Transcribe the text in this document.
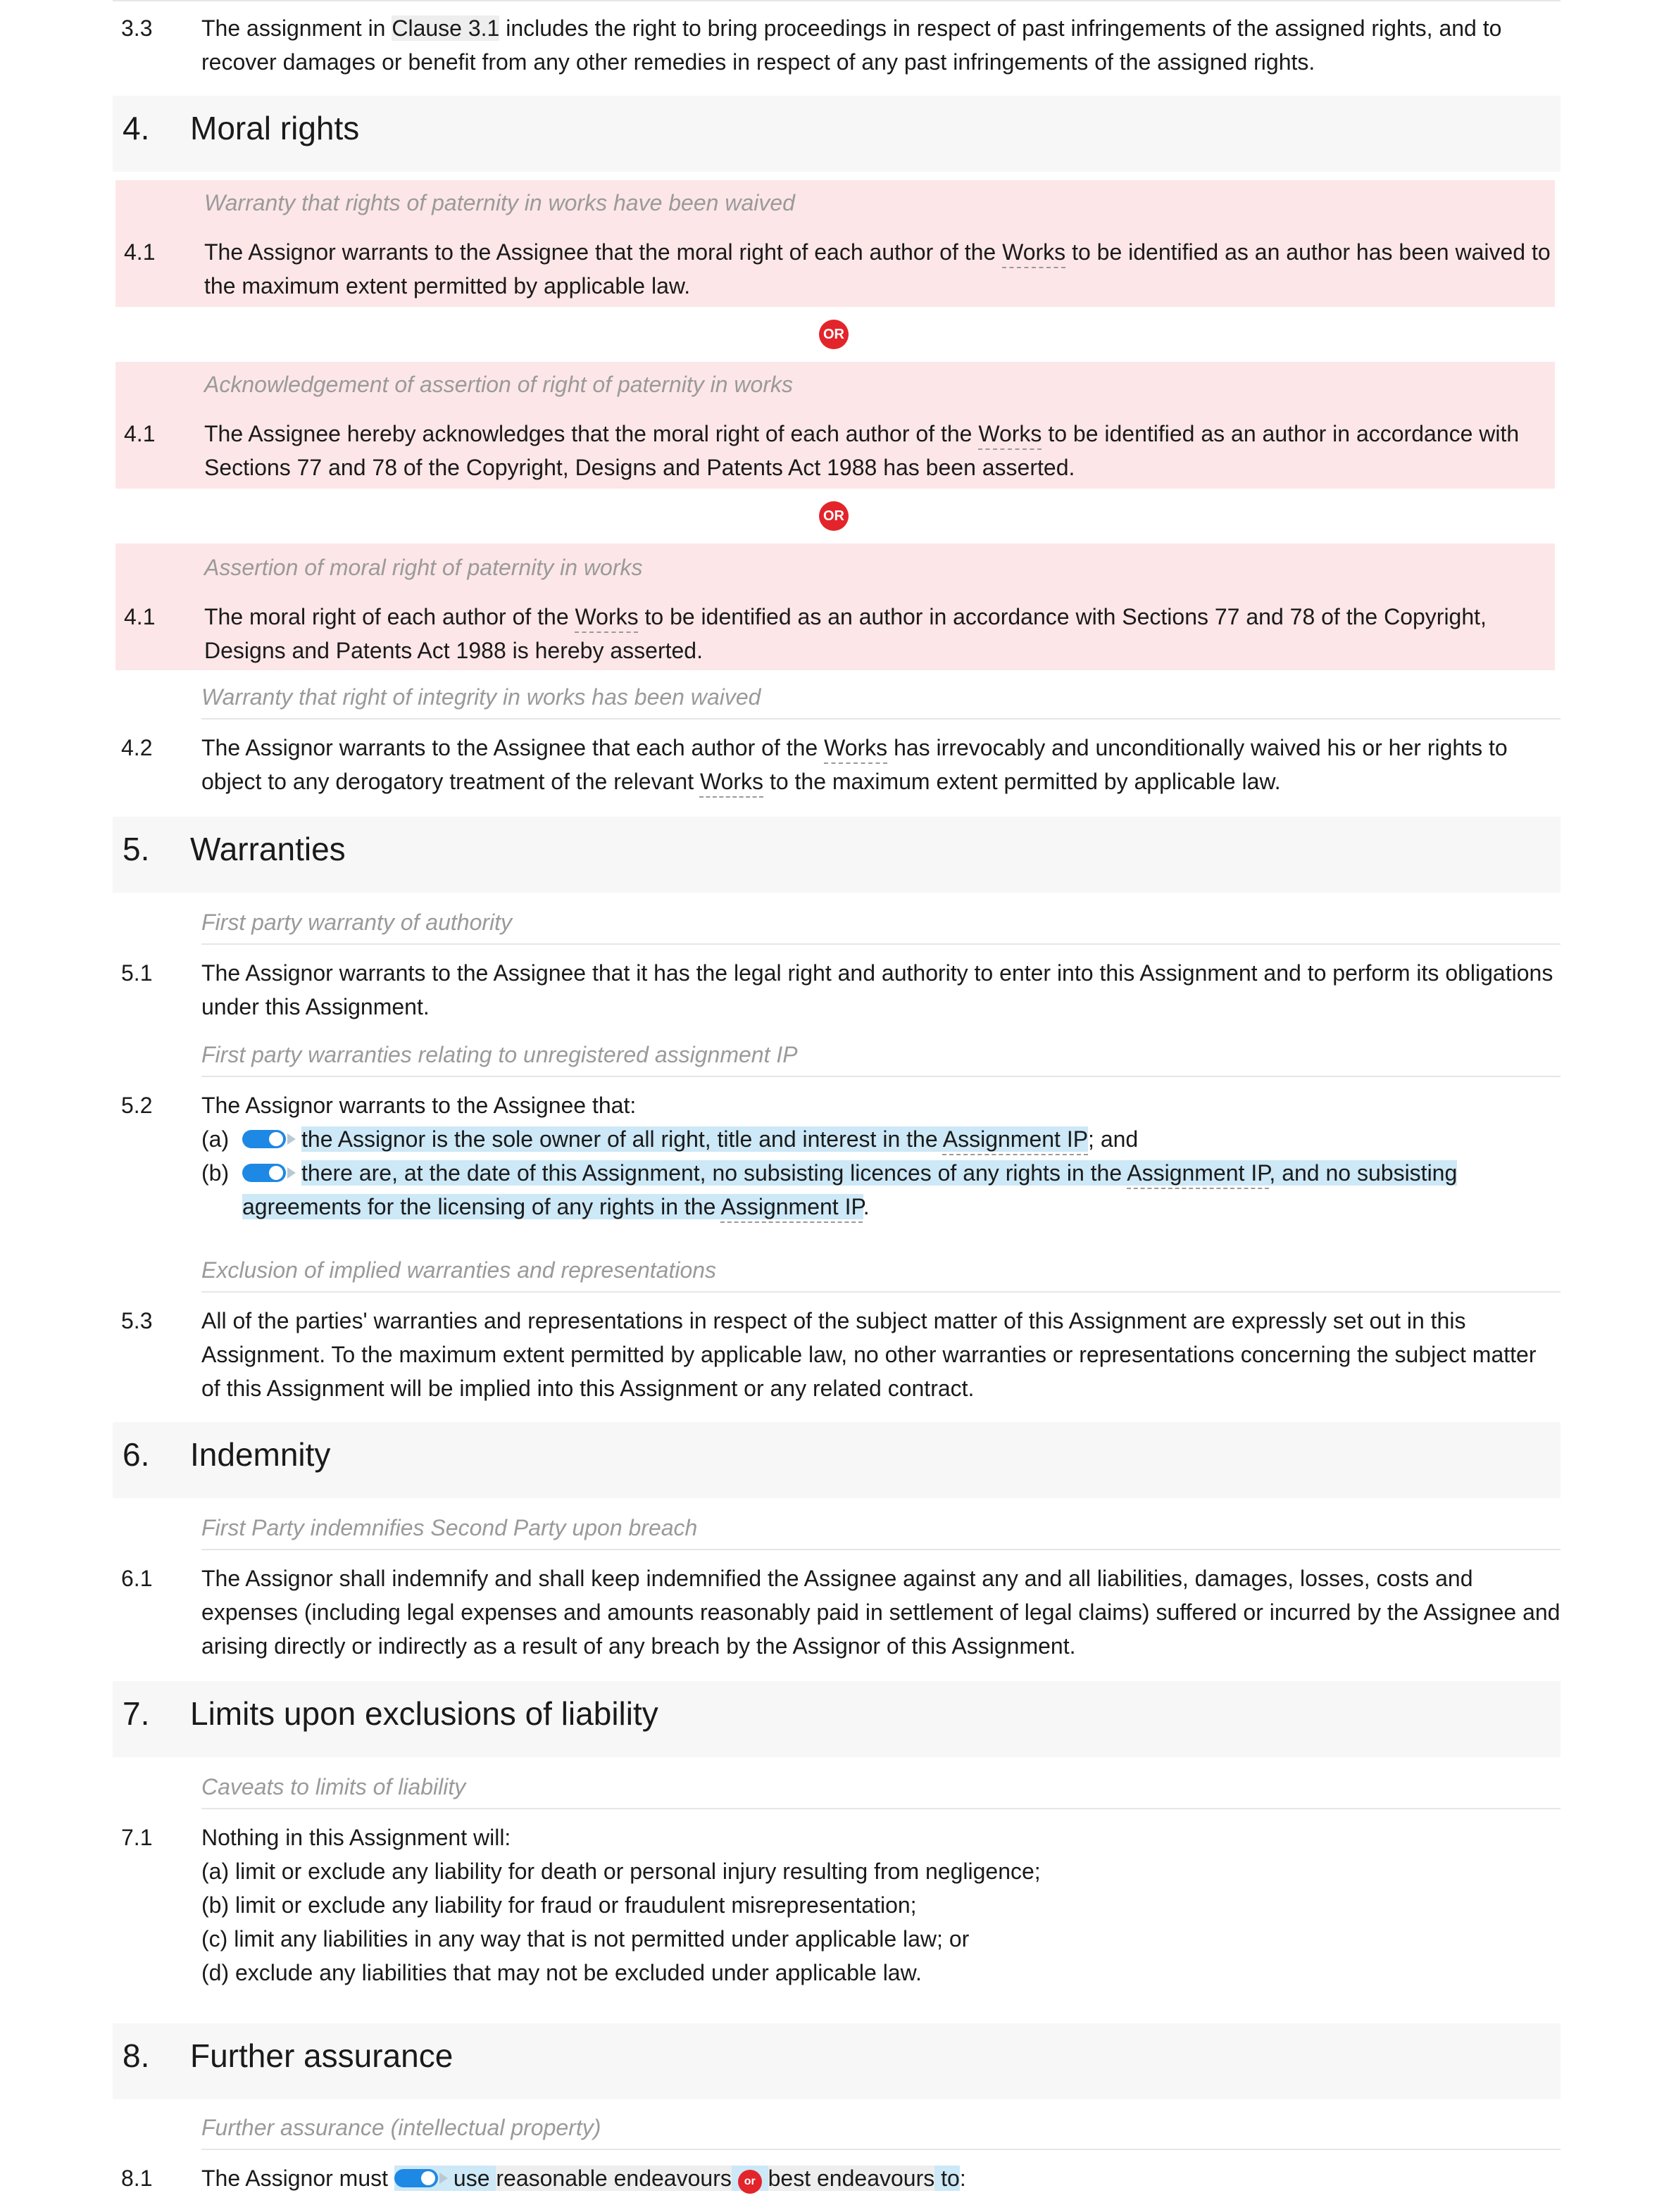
3.3 The assignment in Clause 3.1 includes the right to bring proceedings in respect of past infringements of the assigned rights, and to recover damages or benefit from any other remedies in respect of any past infringements of the assigned rights.
4. Moral rights
Warranty that rights of paternity in works have been waived
4.1 The Assignor warrants to the Assignee that the moral right of each author of the Works to be identified as an author has been waived to the maximum extent permitted by applicable law.
OR
Acknowledgement of assertion of right of paternity in works
4.1 The Assignee hereby acknowledges that the moral right of each author of the Works to be identified as an author in accordance with Sections 77 and 78 of the Copyright, Designs and Patents Act 1988 has been asserted.
OR
Assertion of moral right of paternity in works
4.1 The moral right of each author of the Works to be identified as an author in accordance with Sections 77 and 78 of the Copyright, Designs and Patents Act 1988 is hereby asserted.
Warranty that right of integrity in works has been waived
4.2 The Assignor warrants to the Assignee that each author of the Works has irrevocably and unconditionally waived his or her rights to object to any derogatory treatment of the relevant Works to the maximum extent permitted by applicable law.
5. Warranties
First party warranty of authority
5.1 The Assignor warrants to the Assignee that it has the legal right and authority to enter into this Assignment and to perform its obligations under this Assignment.
First party warranties relating to unregistered assignment IP
5.2 The Assignor warrants to the Assignee that:
(a)	the Assignor is the sole owner of all right, title and interest in the Assignment IP; and
(b)	there are, at the date of this Assignment, no subsisting licences of any rights in the Assignment IP, and no subsisting agreements for the licensing of any rights in the Assignment IP.
Exclusion of implied warranties and representations
5.3 All of the parties' warranties and representations in respect of the subject matter of this Assignment are expressly set out in this Assignment. To the maximum extent permitted by applicable law, no other warranties or representations concerning the subject matter of this Assignment will be implied into this Assignment or any related contract.
6. Indemnity
First Party indemnifies Second Party upon breach
6.1 The Assignor shall indemnify and shall keep indemnified the Assignee against any and all liabilities, damages, losses, costs and expenses (including legal expenses and amounts reasonably paid in settlement of legal claims) suffered or incurred by the Assignee and arising directly or indirectly as a result of any breach by the Assignor of this Assignment.
7. Limits upon exclusions of liability
Caveats to limits of liability
7.1 Nothing in this Assignment will:
(a) limit or exclude any liability for death or personal injury resulting from negligence;
(b) limit or exclude any liability for fraud or fraudulent misrepresentation;
(c) limit any liabilities in any way that is not permitted under applicable law; or
(d) exclude any liabilities that may not be excluded under applicable law.
8. Further assurance
Further assurance (intellectual property)
8.1 The Assignor must	use reasonable endeavours or best endeavours to:
